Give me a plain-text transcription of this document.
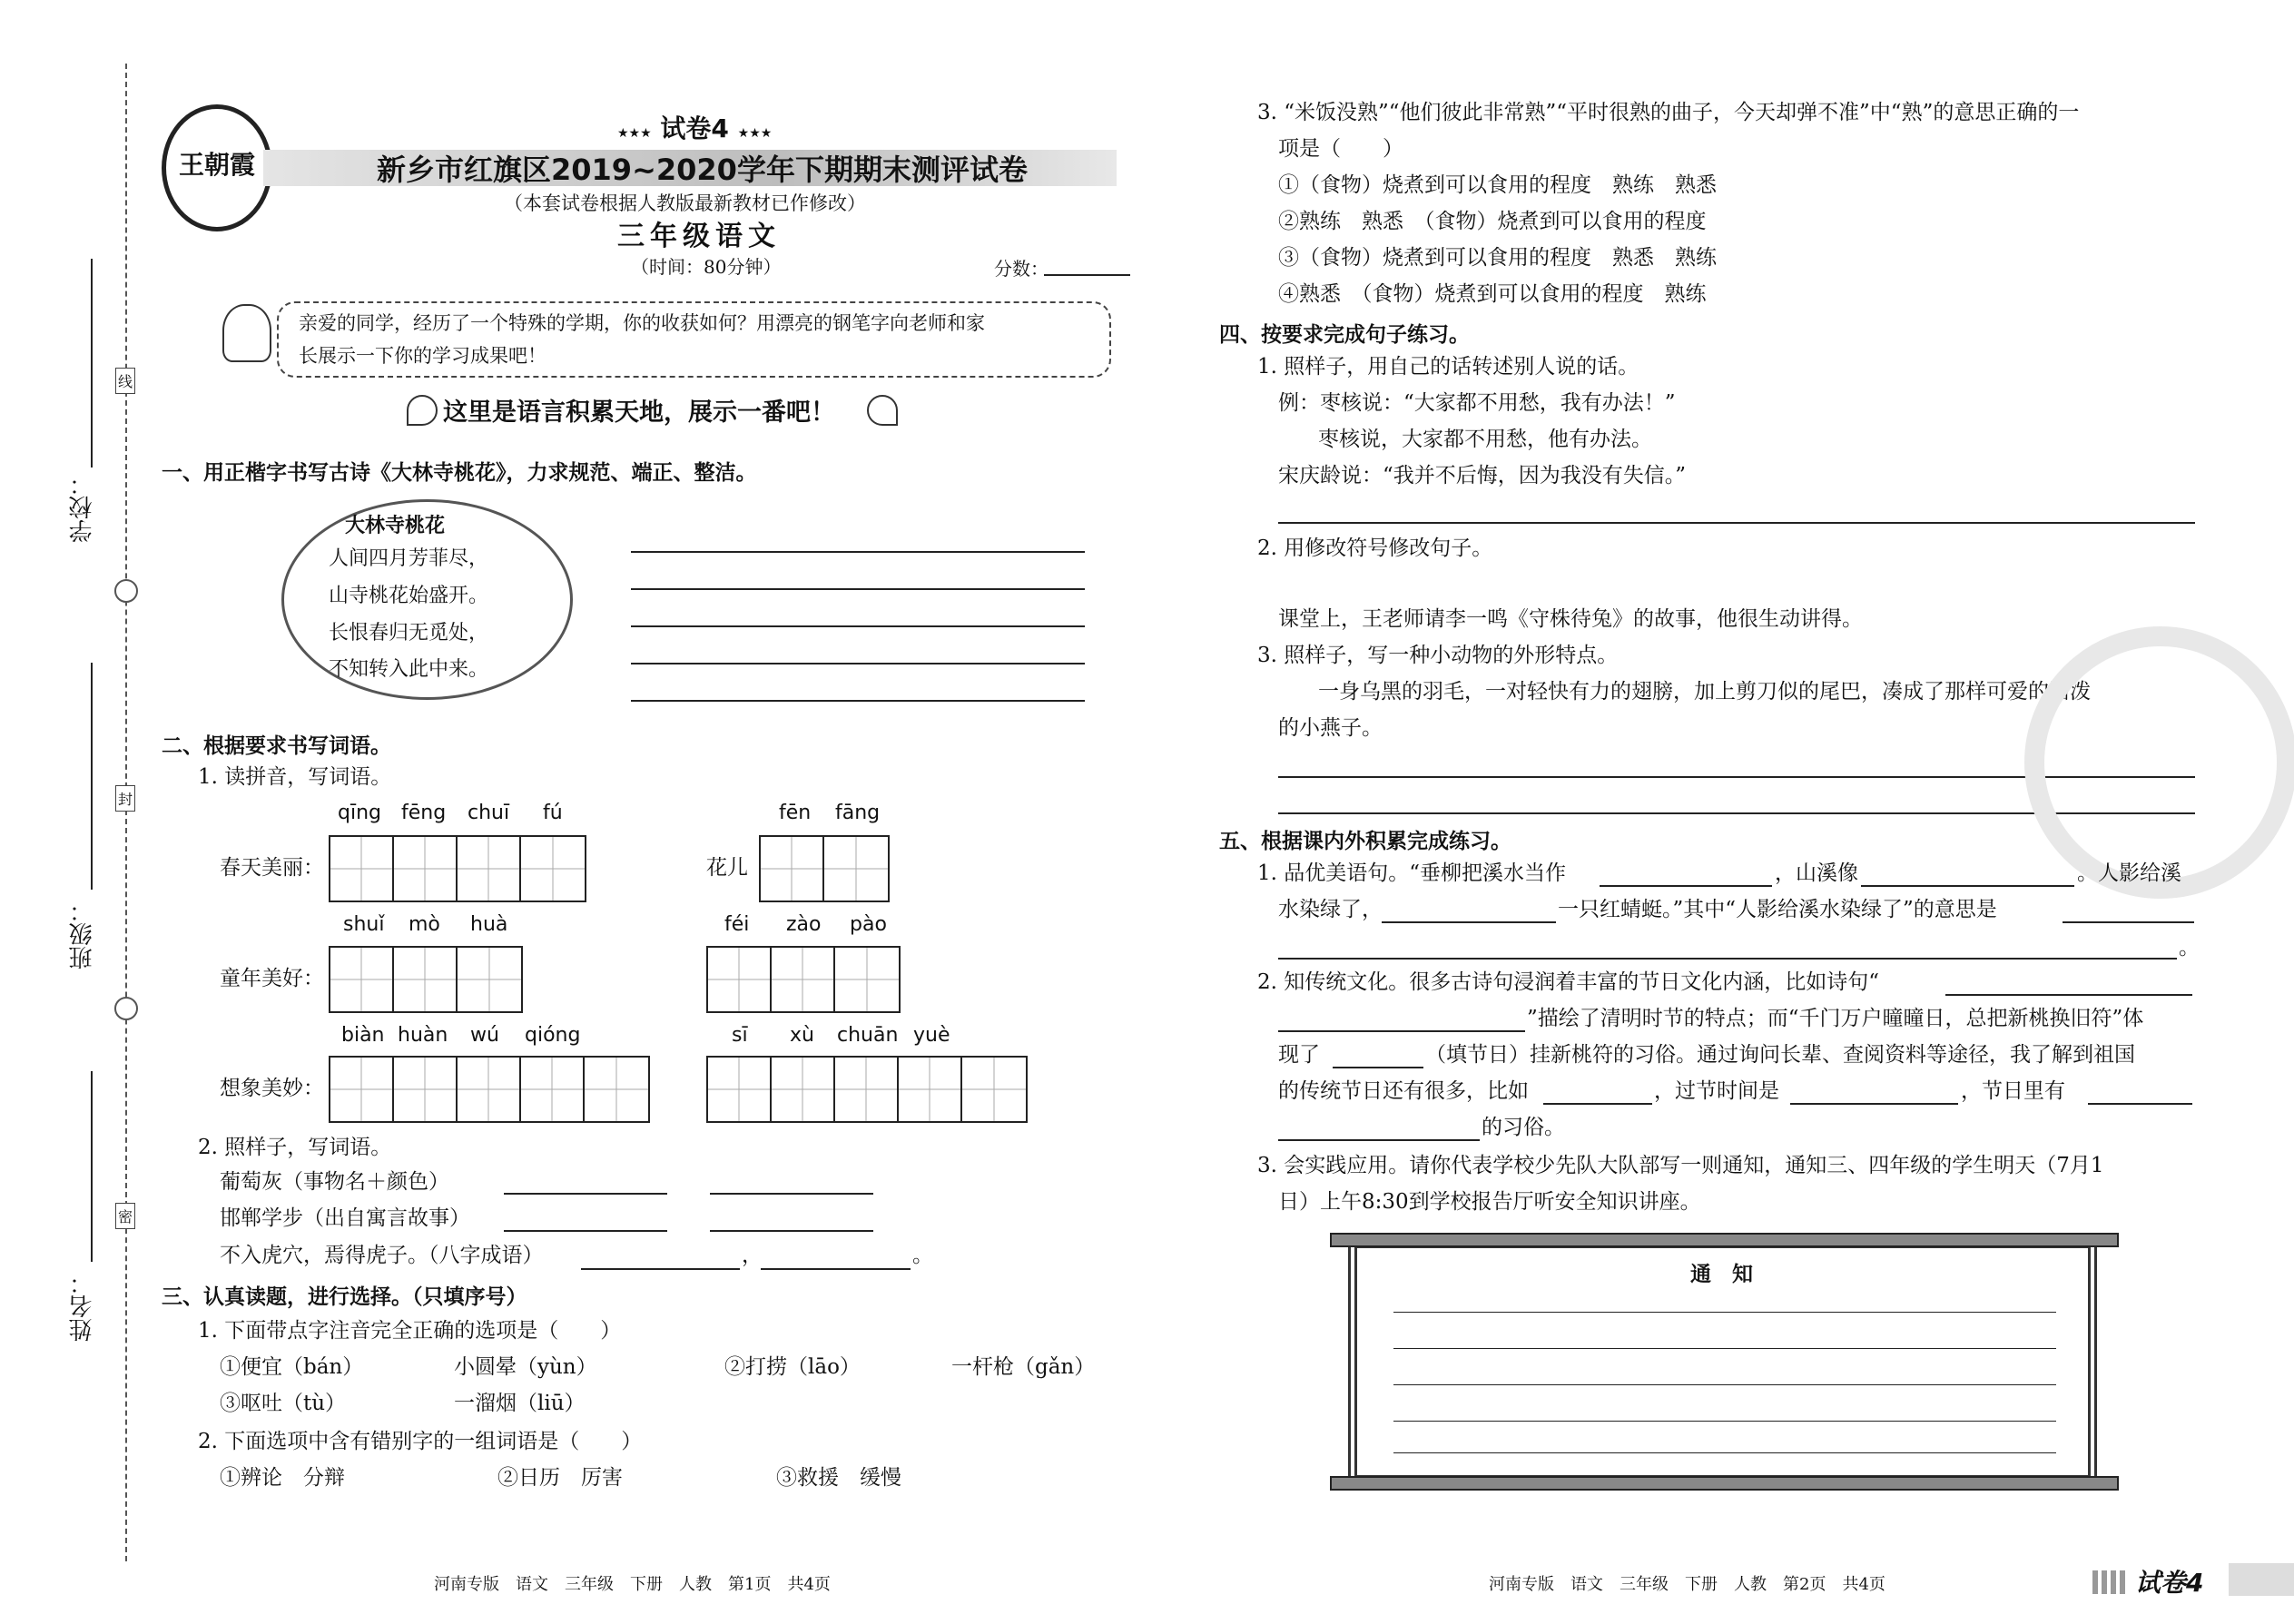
学校：
班级：
姓名：
线
封
密
王朝霞
★★★ 试卷4 ★★★
新乡市红旗区2019~2020学年下期期末测评试卷
（本套试卷根据人教版最新教材已作修改）
三年级语文
（时间：80分钟）	分数：
亲爱的同学，经历了一个特殊的学期，你的收获如何？用漂亮的钢笔字向老师和家
长展示一下你的学习成果吧！
这里是语言积累天地，展示一番吧！
一、用正楷字书写古诗《大林寺桃花》，力求规范、端正、整洁。
大林寺桃花
人间四月芳菲尽，
山寺桃花始盛开。
长恨春归无觅处，
不知转入此中来。
二、根据要求书写词语。
1. 读拼音，写词语。
qīng fēng chuī fú
春天美丽：
fēn fāng
花儿
shuǐ mò huà
童年美好：
féi zào pào
biàn huàn wú qióng
想象美妙：
sī xù chuān yuè
2. 照样子，写词语。
葡萄灰（事物名＋颜色）
邯郸学步（出自寓言故事）
不入虎穴，焉得虎子。（八字成语）	，	。
三、认真读题，进行选择。（只填序号）
1. 下面带点字注音完全正确的选项是（　　）
①便宜（bán）	小圆晕（yùn）	②打捞（lāo）	一杆枪（gǎn）
③呕吐（tù）	一溜烟（liū）
2. 下面选项中含有错别字的一组词语是（　　）
①辨论　分辩	②日历　厉害	③救援　缓慢
河南专版　语文　三年级　下册　人教　第1页　共4页
3. “米饭没熟”“他们彼此非常熟”“平时很熟的曲子，今天却弹不准”中“熟”的意思正确的一
项是（　　）
①（食物）烧煮到可以食用的程度　熟练　熟悉
②熟练　熟悉　（食物）烧煮到可以食用的程度
③（食物）烧煮到可以食用的程度　熟悉　熟练
④熟悉　（食物）烧煮到可以食用的程度　熟练
四、按要求完成句子练习。
1. 照样子，用自己的话转述别人说的话。
例：枣核说：“大家都不用愁，我有办法！”
枣核说，大家都不用愁，他有办法。
宋庆龄说：“我并不后悔，因为我没有失信。”
2. 用修改符号修改句子。
课堂上，王老师请李一鸣《守株待兔》的故事，他很生动讲得。
3. 照样子，写一种小动物的外形特点。
一身乌黑的羽毛，一对轻快有力的翅膀，加上剪刀似的尾巴，凑成了那样可爱的活泼
的小燕子。
五、根据课内外积累完成练习。
1. 品优美语句。“垂柳把溪水当作	，山溪像	。人影给溪
水染绿了，	一只红蜻蜓。”其中“人影给溪水染绿了”的意思是
。
2. 知传统文化。很多古诗句浸润着丰富的节日文化内涵，比如诗句“
”描绘了清明时节的特点；而“千门万户曈曈日，总把新桃换旧符”体
现了	（填节日）挂新桃符的习俗。通过询问长辈、查阅资料等途径，我了解到祖国
的传统节日还有很多，比如	，过节时间是	，节日里有
的习俗。
3. 会实践应用。请你代表学校少先队大队部写一则通知，通知三、四年级的学生明天（7月1
日）上午8:30到学校报告厅听安全知识讲座。
通　知
河南专版　语文　三年级　下册　人教　第2页　共4页	试卷4
